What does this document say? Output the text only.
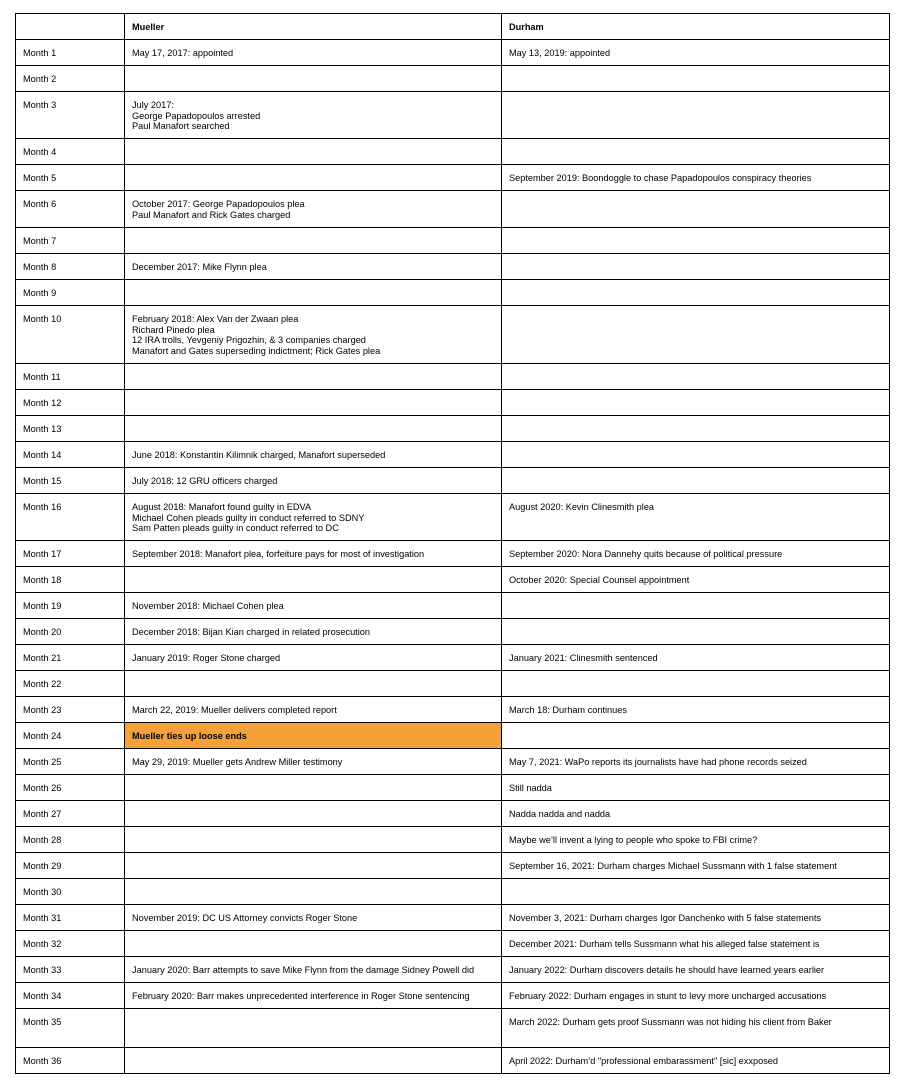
	Mueller	Durham
Month 1	May 17, 2017: appointed	May 13, 2019: appointed

Month 2		
Month 3	July 2017:
George Papadopoulos arrested
Paul Manafort searched	

Month 4		
Month 5		September 2019: Boondoggle to chase Papadopoulos conspiracy theories

Month 6	October 2017: George Papadopoulos plea
Paul Manafort and Rick Gates charged	

Month 7		
Month 8	December 2017: Mike Flynn plea	

Month 9		
Month 10	February 2018: Alex Van der Zwaan plea
Richard Pinedo plea
12 IRA trolls, Yevgeniy Prigozhin, & 3 companies charged
Manafort and Gates superseding indictment; Rick Gates plea	

Month 11		
Month 12		
Month 13		
Month 14	June 2018: Konstantin Kilimnik charged, Manafort superseded	

Month 15	July 2018: 12 GRU officers charged	

Month 16	August 2018: Manafort found guilty in EDVA
Michael Cohen pleads guilty in conduct referred to SDNY
Sam Patten pleads guilty in conduct referred to DC	August 2020: Kevin Clinesmith plea

Month 17	September 2018: Manafort plea, forfeiture pays for most of investigation	September 2020: Nora Dannehy quits because of political pressure

Month 18		October 2020: Special Counsel appointment

Month 19	November 2018: Michael Cohen plea	

Month 20	December 2018: Bijan Kian charged in related prosecution	

Month 21	January 2019: Roger Stone charged	January 2021: Clinesmith sentenced

Month 22		
Month 23	March 22, 2019: Mueller delivers completed report	March 18: Durham continues

Month 24	Mueller ties up loose ends	

Month 25	May 29, 2019: Mueller gets Andrew Miller testimony	May 7, 2021: WaPo reports its journalists have had phone records seized

Month 26		Still nadda

Month 27		Nadda nadda and nadda

Month 28		Maybe we’ll invent a lying to people who spoke to FBI crime?

Month 29		September 16, 2021: Durham charges Michael Sussmann with 1 false statement

Month 30		
Month 31	November 2019: DC US Attorney convicts Roger Stone	November 3, 2021: Durham charges Igor Danchenko with 5 false statements

Month 32		December 2021: Durham tells Sussmann what his alleged false statement is

Month 33	January 2020: Barr attempts to save Mike Flynn from the damage Sidney Powell did	January 2022: Durham discovers details he should have learned years earlier

Month 34	February 2020: Barr makes unprecedented interference in Roger Stone sentencing	February 2022: Durham engages in stunt to levy more uncharged accusations

Month 35		March 2022: Durham gets proof Sussmann was not hiding his client from Baker

Month 36		April 2022: Durham’d "professional embarassment" [sic] exxposed
